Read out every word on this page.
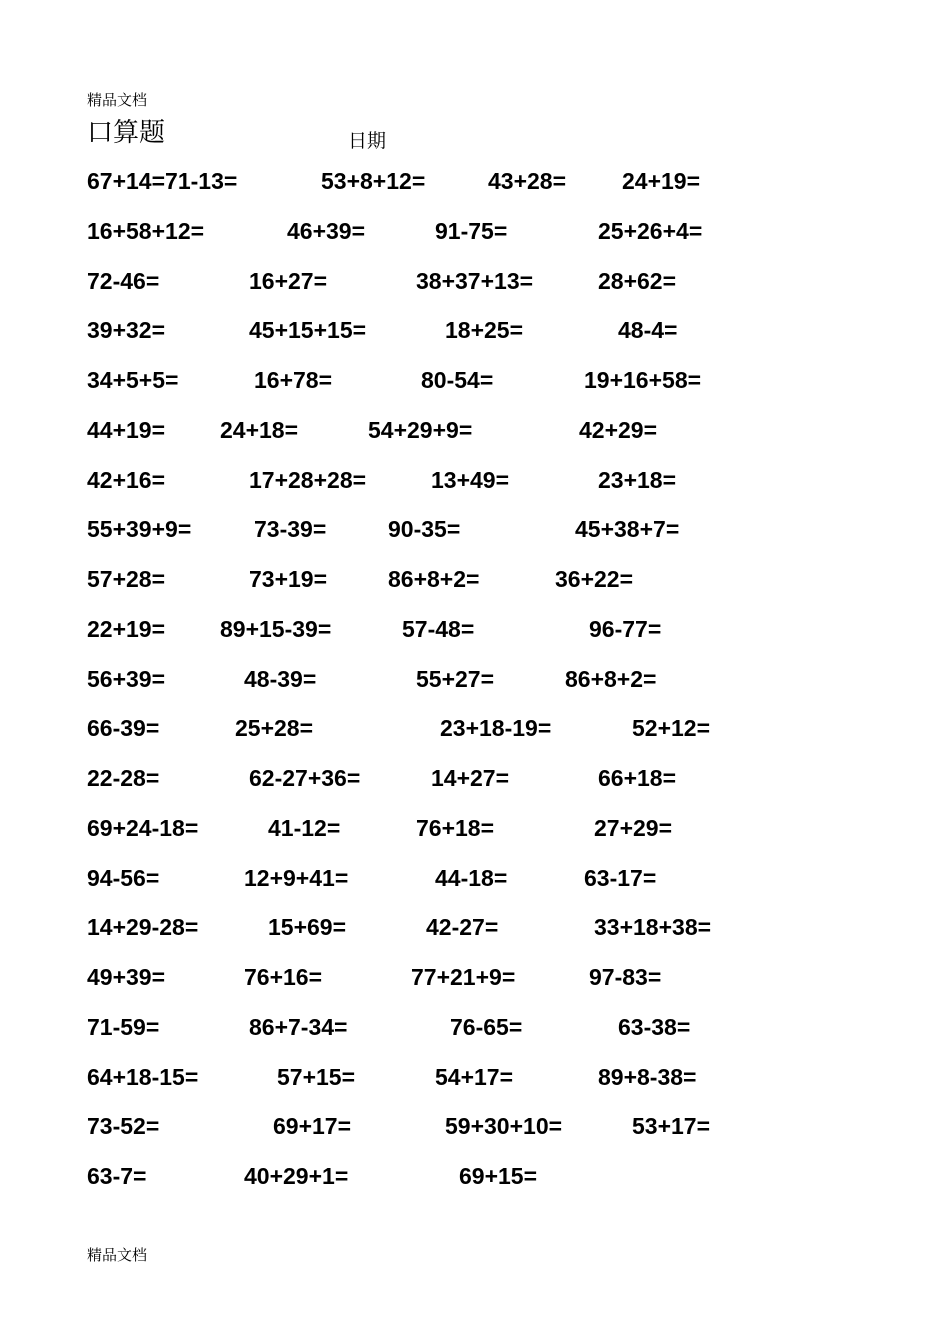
精品文档
口算题	日期
67+14=71-13=	53+8+12=	43+28= 24+19=
16+58+12=	46+39=	91-75=	25+26+4=
72-46=	16+27=	38+37+13=	28+62=
39+32=	45+15+15=	18+25=	48-4=
34+5+5=	16+78=	80-54=	19+16+58=
44+19= 24+18=	54+29+9=	42+29=
42+16=	17+28+28=	13+49=	23+18=
55+39+9=	73-39=	90-35=	45+38+7=
57+28=	73+19=	86+8+2=	36+22=
22+19= 89+15-39=	57-48=	96-77=
56+39=	48-39=	55+27=	86+8+2=
66-39=	25+28=	23+18-19=	52+12=
22-28=	62-27+36=	14+27=	66+18=
69+24-18=	41-12=	76+18=	27+29=
94-56=	12+9+41=	44-18=	63-17=
14+29-28=	15+69=	42-27=	33+18+38=
49+39=	76+16=	77+21+9=	97-83=
71-59=	86+7-34=	76-65=	63-38=
64+18-15=	57+15=	54+17=	89+8-38=
73-52=	69+17=	59+30+10=	53+17=
63-7=	40+29+1=	69+15=
精品文档
